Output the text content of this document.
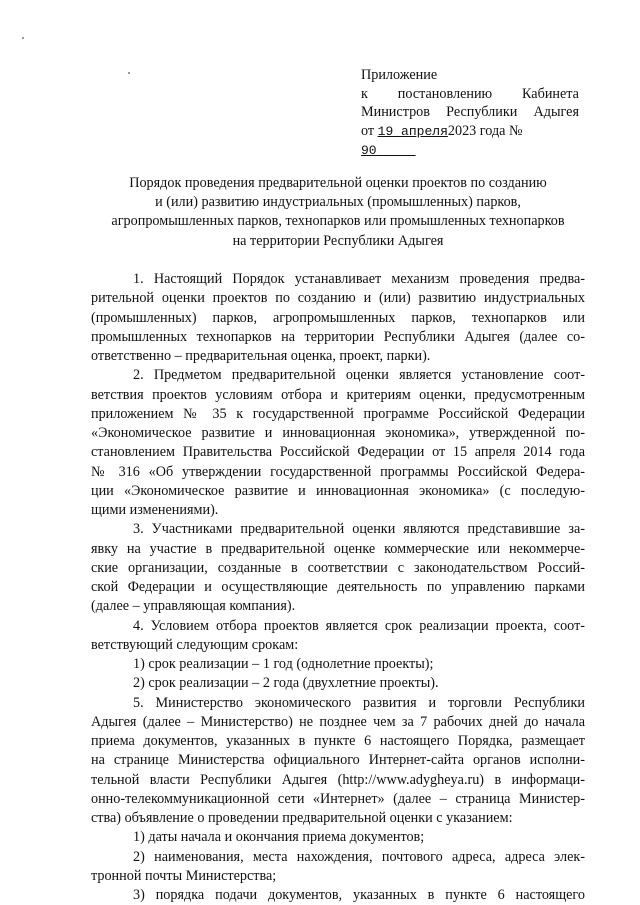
Приложение
к постановлению Кабинета
Министров Республики Адыгея
от 19 апреля2023 года № 90
Порядок проведения предварительной оценки проектов по созданию
и (или) развитию индустриальных (промышленных) парков,
агропромышленных парков, технопарков или промышленных технопарков
на территории Республики Адыгея
1. Настоящий Порядок устанавливает механизм проведения предва-
рительной оценки проектов по созданию и (или) развитию индустриальных
(промышленных) парков, агропромышленных парков, технопарков или
промышленных технопарков на территории Республики Адыгея (далее со-
ответственно – предварительная оценка, проект, парки).
2. Предметом предварительной оценки является установление соот-
ветствия проектов условиям отбора и критериям оценки, предусмотренным
приложением № 35 к государственной программе Российской Федерации
«Экономическое развитие и инновационная экономика», утвержденной по-
становлением Правительства Российской Федерации от 15 апреля 2014 года
№ 316 «Об утверждении государственной программы Российской Федера-
ции «Экономическое развитие и инновационная экономика» (с последую-
щими изменениями).
3. Участниками предварительной оценки являются представившие за-
явку на участие в предварительной оценке коммерческие или некоммерче-
ские организации, созданные в соответствии с законодательством Россий-
ской Федерации и осуществляющие деятельность по управлению парками
(далее – управляющая компания).
4. Условием отбора проектов является срок реализации проекта, соот-
ветствующий следующим срокам:
1) срок реализации – 1 год (однолетние проекты);
2) срок реализации – 2 года (двухлетние проекты).
5. Министерство экономического развития и торговли Республики
Адыгея (далее – Министерство) не позднее чем за 7 рабочих дней до начала
приема документов, указанных в пункте 6 настоящего Порядка, размещает
на странице Министерства официального Интернет-сайта органов исполни-
тельной власти Республики Адыгея (http://www.adygheya.ru) в информаци-
онно-телекоммуникационной сети «Интернет» (далее – страница Министер-
ства) объявление о проведении предварительной оценки с указанием:
1) даты начала и окончания приема документов;
2) наименования, места нахождения, почтового адреса, адреса элек-
тронной почты Министерства;
3) порядка подачи документов, указанных в пункте 6 настоящего
